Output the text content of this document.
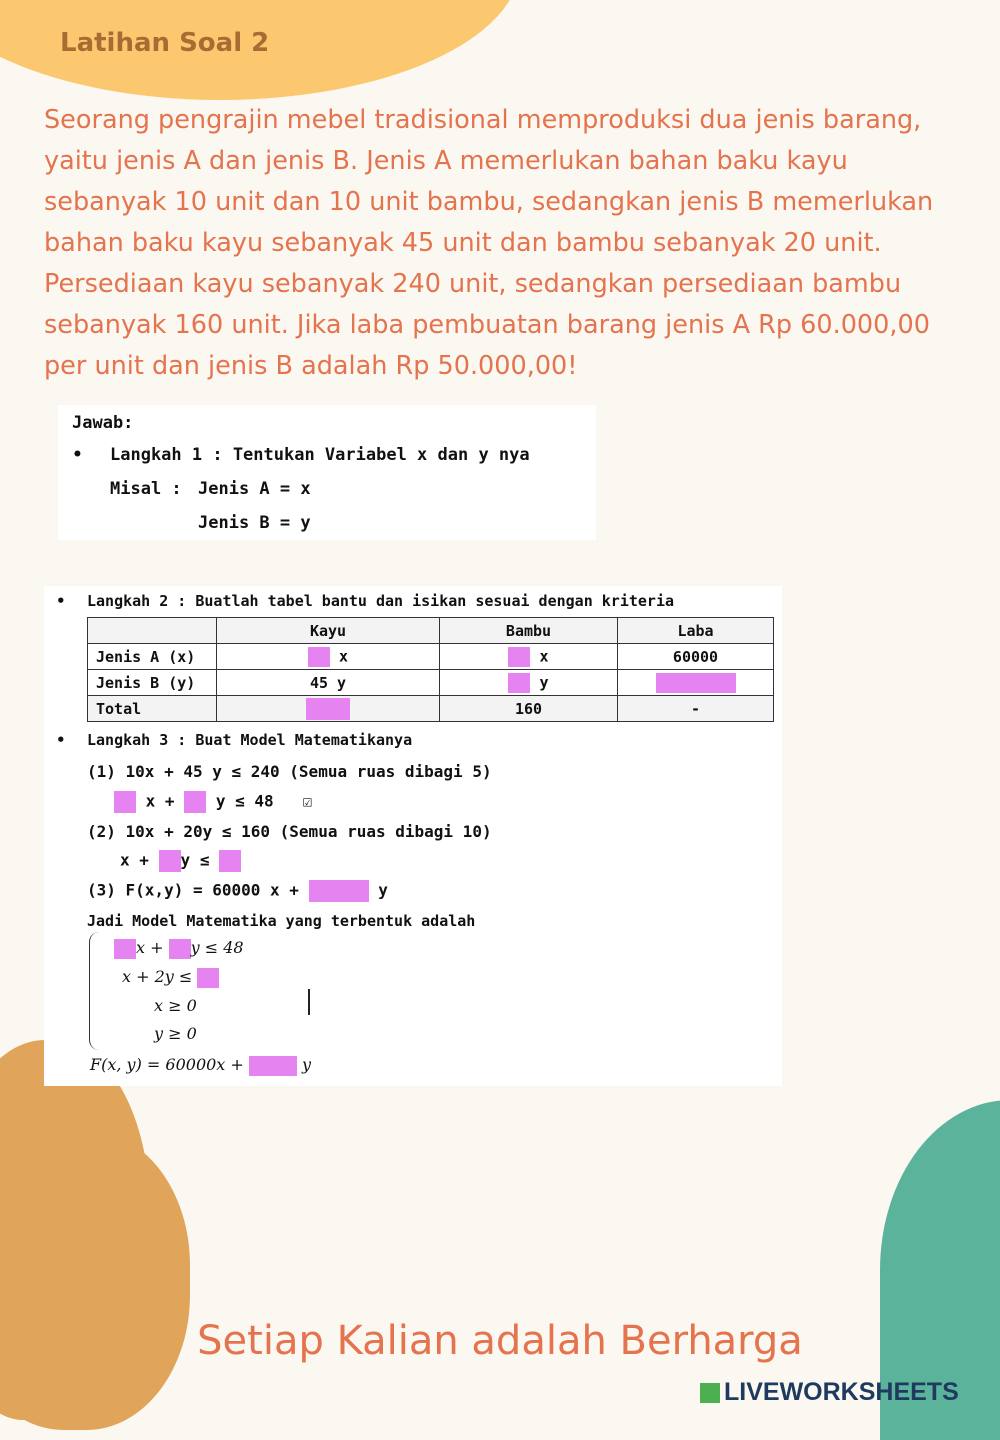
Latihan Soal 2

Seorang pengrajin mebel tradisional memproduksi dua jenis barang, yaitu jenis A dan jenis B. Jenis A memerlukan bahan baku kayu sebanyak 10 unit dan 10 unit bambu, sedangkan jenis B memerlukan bahan baku kayu sebanyak 45 unit dan bambu sebanyak 20 unit. Persediaan kayu sebanyak 240 unit, sedangkan persediaan bambu sebanyak 160 unit. Jika laba pembuatan barang jenis A Rp 60.000,00 per unit dan jenis B adalah Rp 50.000,00!

Jawab:
• Langkah 1 : Tentukan Variabel x dan y nya
Misal : Jenis A = x
Jenis B = y
• Langkah 2 : Buatlah tabel bantu dan isikan sesuai dengan kriteria
	Kayu	Bambu	Laba
Jenis A (x)	x	x	60000
Jenis B (y)	45 y	y	
Total		160	-
• Langkah 3 : Buat Model Matematikanya
(1) 10x + 45 y ≤ 240 (Semua ruas dibagi 5)
x +	y ≤ 48 ☑
(2) 10x + 20y ≤ 160 (Semua ruas dibagi 10)
x + y ≤
(3) F(x,y) = 60000 x +	y
Jadi Model Matematika yang terbentuk adalah
x + y ≤ 48
x + 2y ≤
x ≥ 0
y ≥ 0
F(x, y) = 60000x +	y
Setiap Kalian adalah Berharga
LIVEWORKSHEETS
